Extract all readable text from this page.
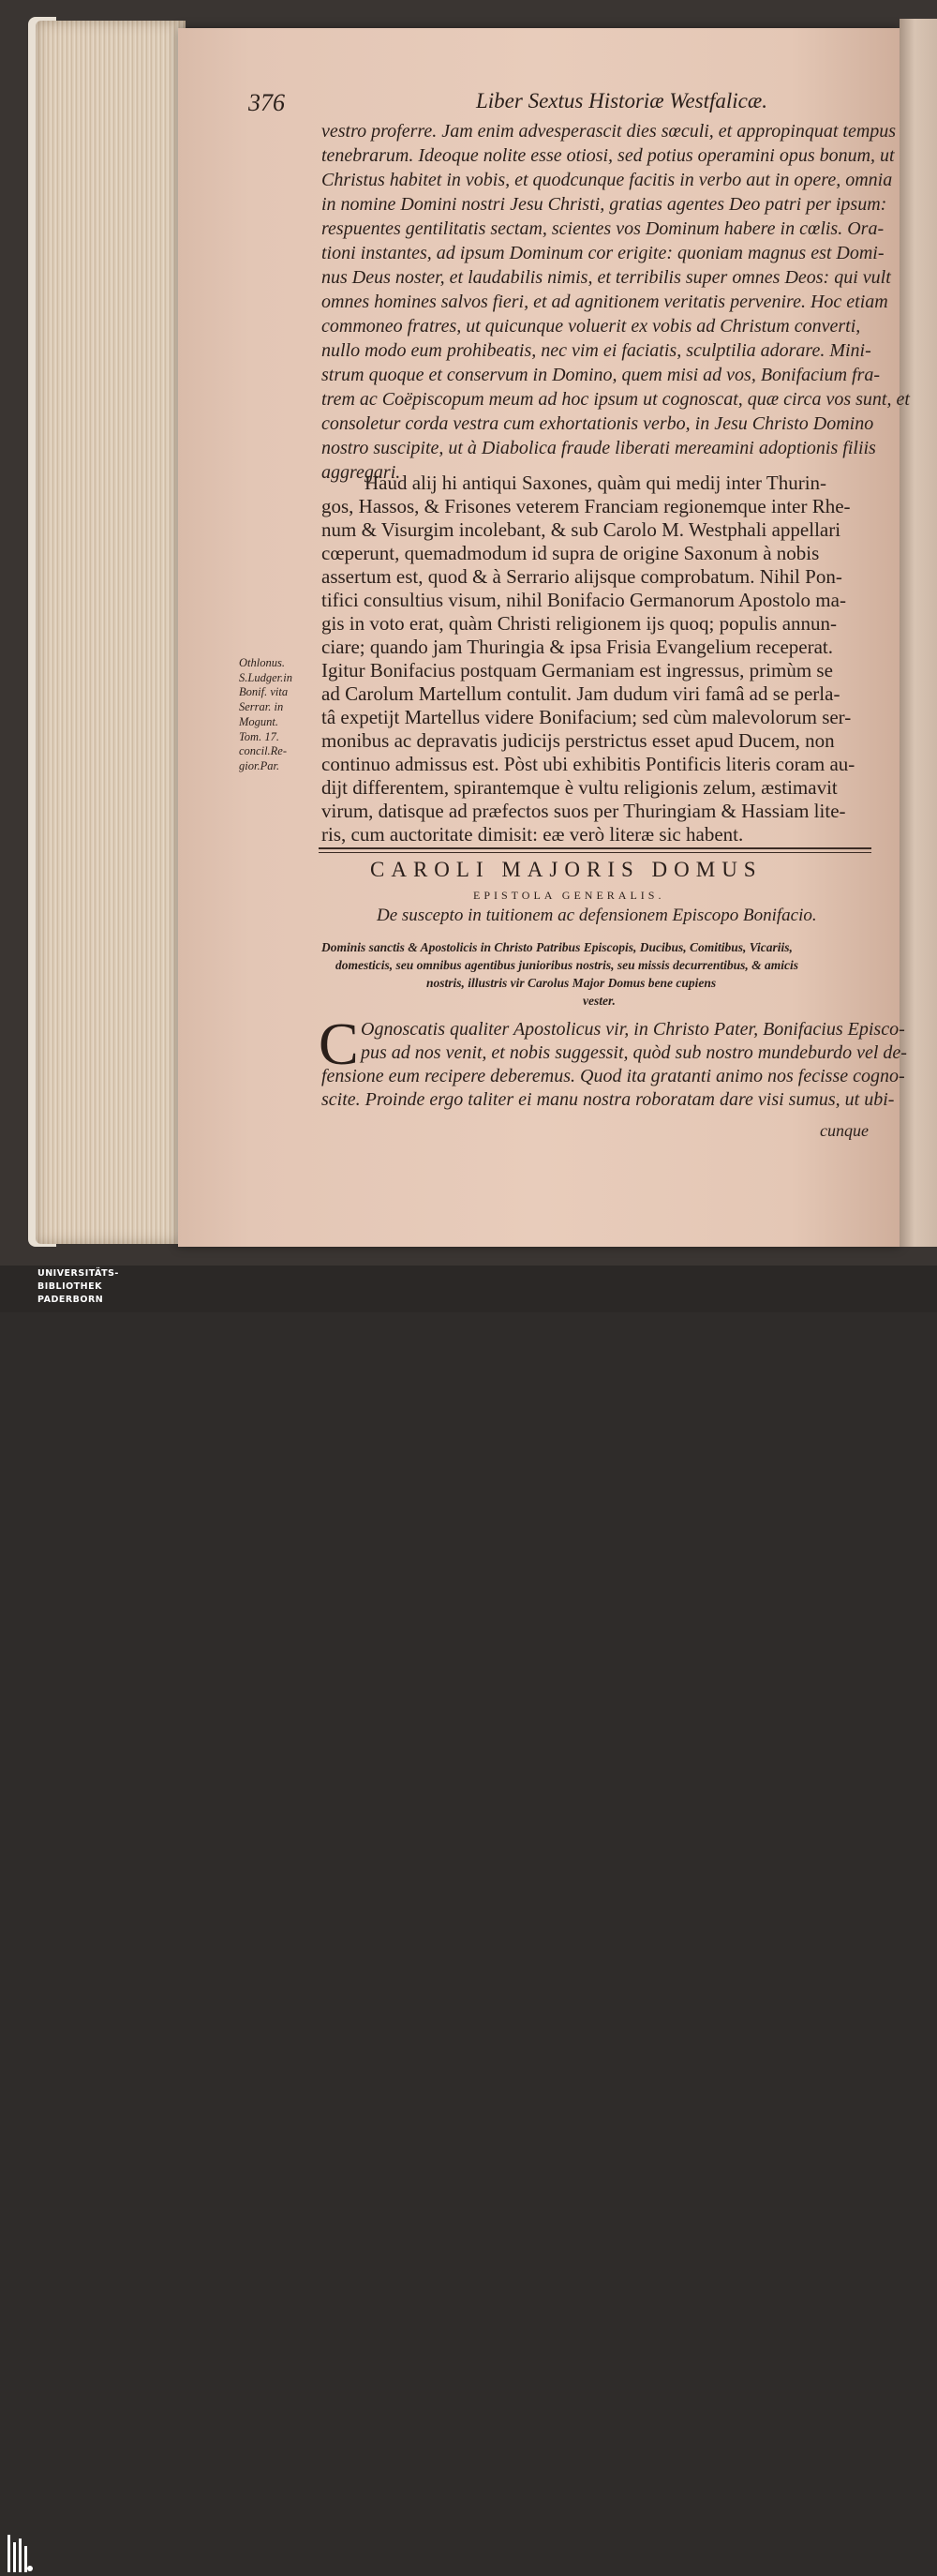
376	Liber Sextus Historiæ Westfalicæ.
vestro proferre. Jam enim advesperascit dies sœculi, et appropinquat tempus
tenebrarum. Ideoque nolite esse otiosi, sed potius operamini opus bonum, ut
Christus habitet in vobis, et quodcunque facitis in verbo aut in opere, omnia
in nomine Domini nostri Jesu Christi, gratias agentes Deo patri per ipsum:
respuentes gentilitatis sectam, scientes vos Dominum habere in cœlis. Ora-
tioni instantes, ad ipsum Dominum cor erigite: quoniam magnus est Domi-
nus Deus noster, et laudabilis nimis, et terribilis super omnes Deos: qui vult
omnes homines salvos fieri, et ad agnitionem veritatis pervenire. Hoc etiam
commoneo fratres, ut quicunque voluerit ex vobis ad Christum converti,
nullo modo eum prohibeatis, nec vim ei faciatis, sculptilia adorare. Mini-
strum quoque et conservum in Domino, quem misi ad vos, Bonifacium fra-
trem ac Coëpiscopum meum ad hoc ipsum ut cognoscat, quæ circa vos sunt, et
consoletur corda vestra cum exhortationis verbo, in Jesu Christo Domino
nostro suscipite, ut à Diabolica fraude liberati mereamini adoptionis filiis
aggregari.
Haud alij hi antiqui Saxones, quàm qui medij inter Thurin-
gos, Hassos, & Frisones veterem Franciam regionemque inter Rhe-
num & Visurgim incolebant, & sub Carolo M. Westphali appellari
cœperunt, quemadmodum id supra de origine Saxonum à nobis
assertum est, quod & à Serrario alijsque comprobatum. Nihil Pon-
tifici consultius visum, nihil Bonifacio Germanorum Apostolo ma-
gis in voto erat, quàm Christi religionem ijs quoq; populis annun-
ciare; quando jam Thuringia & ipsa Frisia Evangelium receperat.
Igitur Bonifacius postquam Germaniam est ingressus, primùm se
ad Carolum Martellum contulit. Jam dudum viri famâ ad se perla-
tâ expetijt Martellus videre Bonifacium; sed cùm malevolorum ser-
monibus ac depravatis judicijs perstrictus esset apud Ducem, non
continuo admissus est. Pòst ubi exhibitis Pontificis literis coram au-
dijt differentem, spirantemque è vultu religionis zelum, æstimavit
virum, datisque ad præfectos suos per Thuringiam & Hassiam lite-
ris, cum auctoritate dimisit: eæ verò literæ sic habent.
Othlonus.
S.Ludger.in
Bonif. vita
Serrar. in
Mogunt.
Tom. 17.
concil.Re-
gior.Par.
CAROLI MAJORIS DOMUS
EPISTOLA GENERALIS.
De suscepto in tuitionem ac defensionem Episcopo Bonifacio.
Dominis sanctis & Apostolicis in Christo Patribus Episcopis, Ducibus, Comitibus, Vicariis,
domesticis, seu omnibus agentibus junioribus nostris, seu missis decurrentibus, & amicis
nostris, illustris vir Carolus Major Domus bene cupiens
vester.
C Ognoscatis qualiter Apostolicus vir, in Christo Pater, Bonifacius Episco-
pus ad nos venit, et nobis suggessit, quòd sub nostro mundeburdo vel de-
fensione eum recipere deberemus. Quod ita gratanti animo nos fecisse cogno-
scite. Proinde ergo taliter ei manu nostra roboratam dare visi sumus, ut ubi-
cunque
UNIVERSITÄTS-
BIBLIOTHEK
PADERBORN
